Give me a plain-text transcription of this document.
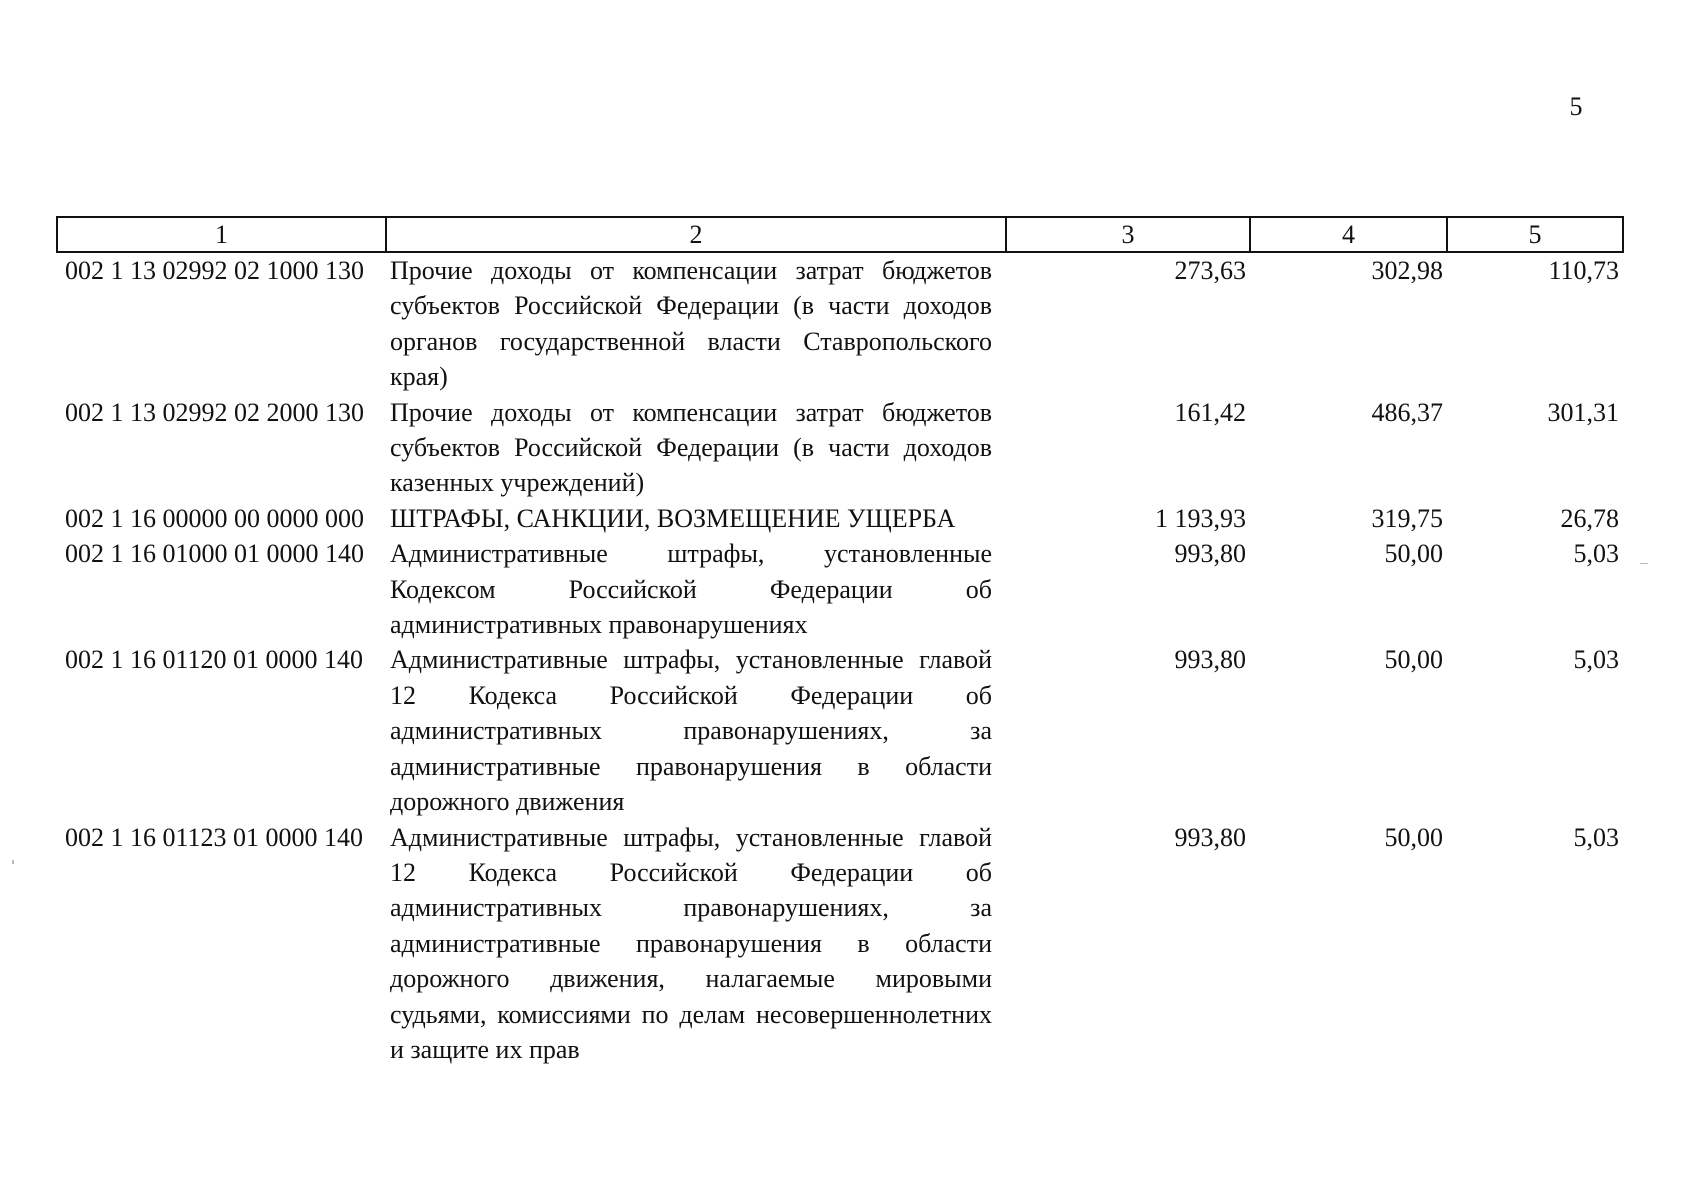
5
1	2	3	4	5
002 1 13 02992 02 1000 130	Прочие доходы от компенсации затрат бюджетов субъектов Российской Федерации (в части доходов органов государственной власти Ставропольского края)	273,63	302,98	110,73
002 1 13 02992 02 2000 130	Прочие доходы от компенсации затрат бюджетов субъектов Российской Федерации (в части доходов казенных учреждений)	161,42	486,37	301,31
002 1 16 00000 00 0000 000	ШТРАФЫ, САНКЦИИ, ВОЗМЕЩЕНИЕ УЩЕРБА	1 193,93	319,75	26,78
002 1 16 01000 01 0000 140	Административные штрафы, установленные Кодексом Российской Федерации об административных правонарушениях	993,80	50,00	5,03
002 1 16 01120 01 0000 140	Административные штрафы, установленные главой 12 Кодекса Российской Федерации об административных правонарушениях, за административные правонарушения в области дорожного движения	993,80	50,00	5,03
002 1 16 01123 01 0000 140	Административные штрафы, установленные главой 12 Кодекса Российской Федерации об административных правонарушениях, за административные правонарушения в области дорожного движения, налагаемые мировыми судьями, комиссиями по делам несовершеннолетних и защите их прав	993,80	50,00	5,03
